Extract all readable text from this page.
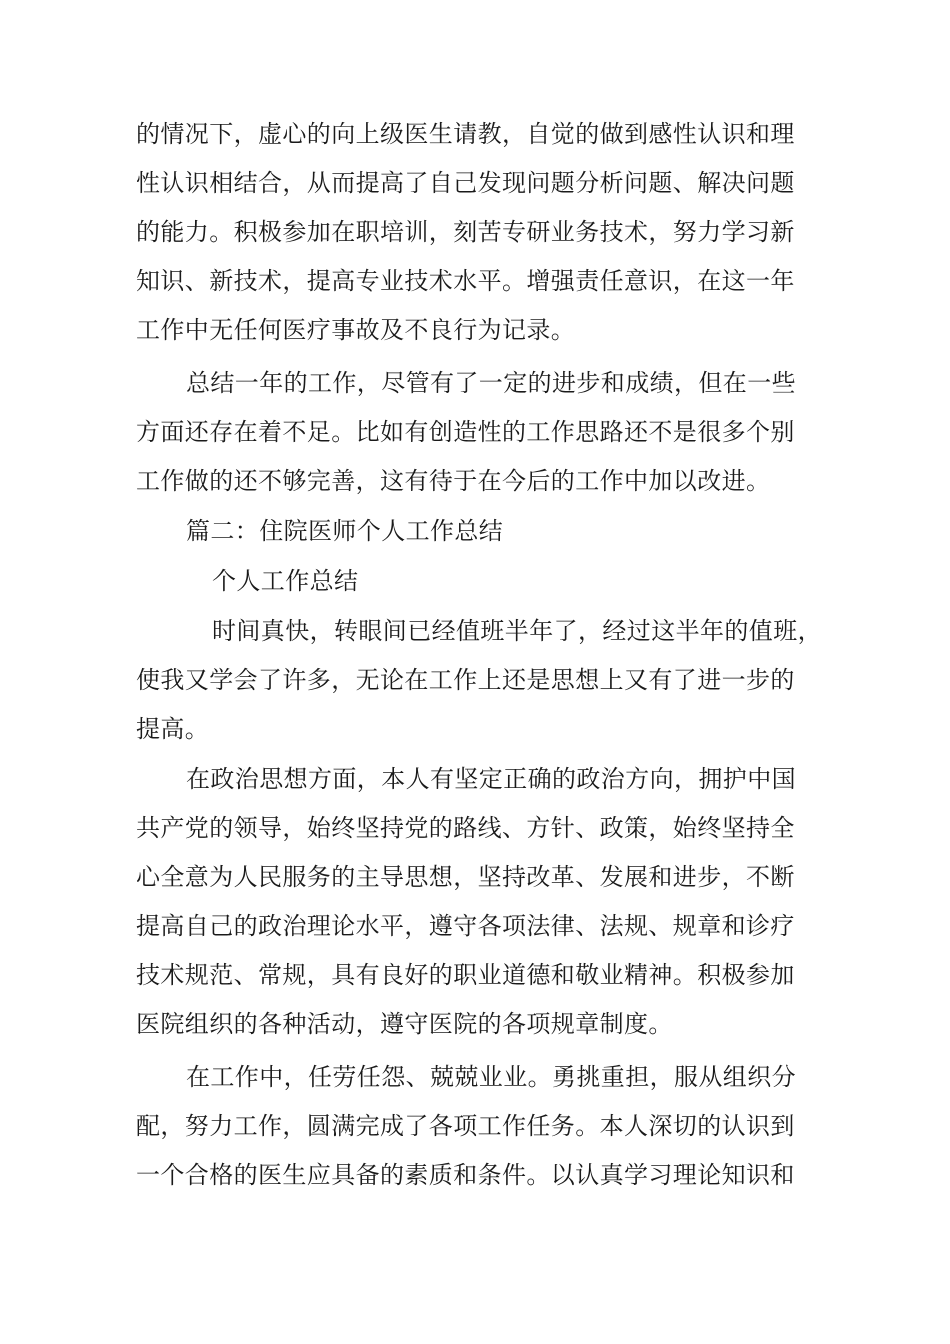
的情况下，虚心的向上级医生请教，自觉的做到感性认识和理
性认识相结合，从而提高了自己发现问题分析问题、解决问题
的能力。积极参加在职培训，刻苦专研业务技术，努力学习新
知识、新技术，提高专业技术水平。增强责任意识，在这一年
工作中无任何医疗事故及不良行为记录。
总结一年的工作，尽管有了一定的进步和成绩，但在一些
方面还存在着不足。比如有创造性的工作思路还不是很多个别
工作做的还不够完善，这有待于在今后的工作中加以改进。
篇二：住院医师个人工作总结
个人工作总结
时间真快，转眼间已经值班半年了，经过这半年的值班，
使我又学会了许多，无论在工作上还是思想上又有了进一步的
提高。
在政治思想方面，本人有坚定正确的政治方向，拥护中国
共产党的领导，始终坚持党的路线、方针、政策，始终坚持全
心全意为人民服务的主导思想，坚持改革、发展和进步，不断
提高自己的政治理论水平，遵守各项法律、法规、规章和诊疗
技术规范、常规，具有良好的职业道德和敬业精神。积极参加
医院组织的各种活动，遵守医院的各项规章制度。
在工作中，任劳任怨、兢兢业业。勇挑重担，服从组织分
配，努力工作，圆满完成了各项工作任务。本人深切的认识到
一个合格的医生应具备的素质和条件。以认真学习理论知识和
